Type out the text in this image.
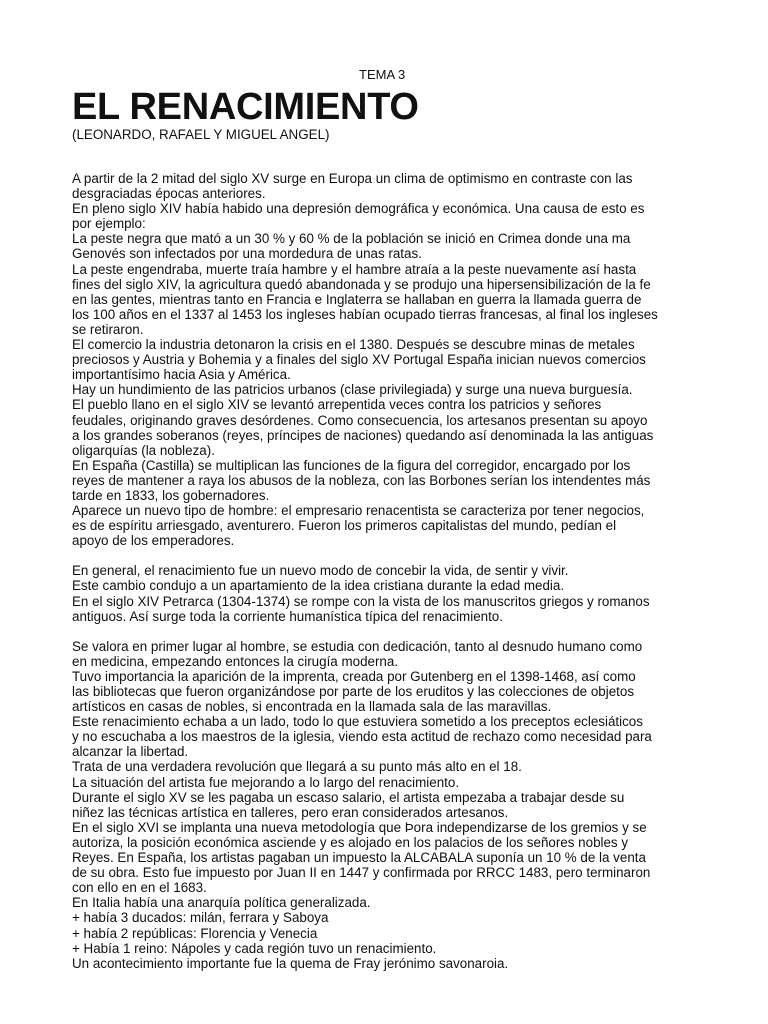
TEMA 3
EL RENACIMIENTO
(LEONARDO, RAFAEL Y MIGUEL ANGEL)
A partir de la 2 mitad del siglo XV surge en Europa un clima de optimismo en contraste con las
desgraciadas épocas anteriores.
En pleno siglo XIV había habido una depresión demográfica y económica. Una causa de esto es
por ejemplo:
La peste negra que mató a un 30 % y 60 % de la población se inició en Crimea donde una ma
Genovés son infectados por una mordedura de unas ratas.
La peste engendraba, muerte traía hambre y el hambre atraía a la peste nuevamente así hasta
fines del siglo XIV, la agricultura quedó abandonada y se produjo una hipersensibilización de la fe
en las gentes, mientras tanto en Francia e Inglaterra se hallaban en guerra la llamada guerra de
los 100 años en el 1337 al 1453 los ingleses habían ocupado tierras francesas, al final los ingleses
se retiraron.
El comercio la industria detonaron la crisis en el 1380. Después se descubre minas de metales
preciosos y Austria y Bohemia y a finales del siglo XV Portugal España inician nuevos comercios
importantísimo hacia Asia y América.
Hay un hundimiento de las patricios urbanos (clase privilegiada) y surge una nueva burguesía.
El pueblo llano en el siglo XIV se levantó arrepentida veces contra los patricios y señores
feudales, originando graves desórdenes. Como consecuencia, los artesanos presentan su apoyo
a los grandes soberanos (reyes, príncipes de naciones) quedando así denominada la las antiguas
oligarquías (la nobleza).
En España (Castilla) se multiplican las funciones de la figura del corregidor, encargado por los
reyes de mantener a raya los abusos de la nobleza, con las Borbones serían los intendentes más
tarde en 1833, los gobernadores.
Aparece un nuevo tipo de hombre: el empresario renacentista se caracteriza por tener negocios,
es de espíritu arriesgado, aventurero. Fueron los primeros capitalistas del mundo, pedían el
apoyo de los emperadores.
En general, el renacimiento fue un nuevo modo de concebir la vida, de sentir y vivir.
Este cambio condujo a un apartamiento de la idea cristiana durante la edad media.
En el siglo XIV Petrarca (1304-1374) se rompe con la vista de los manuscritos griegos y romanos
antiguos. Así surge toda la corriente humanística típica del renacimiento.
Se valora en primer lugar al hombre, se estudia con dedicación, tanto al desnudo humano como
en medicina, empezando entonces la cirugía moderna.
Tuvo importancia la aparición de la imprenta, creada por Gutenberg en el 1398-1468, así como
las bibliotecas que fueron organizándose por parte de los eruditos y las colecciones de objetos
artísticos en casas de nobles, si encontrada en la llamada sala de las maravillas.
Este renacimiento echaba a un lado, todo lo que estuviera sometido a los preceptos eclesiáticos
y no escuchaba a los maestros de la iglesia, viendo esta actitud de rechazo como necesidad para
alcanzar la libertad.
Trata de una verdadera revolución que llegará a su punto más alto en el 18.
La situación del artista fue mejorando a lo largo del renacimiento.
Durante el siglo XV se les pagaba un escaso salario, el artista empezaba a trabajar desde su
niñez las técnicas artística en talleres, pero eran considerados artesanos.
En el siglo XVI se implanta una nueva metodología que Þora independizarse de los gremios y se
autoriza, la posición económica asciende y es alojado en los palacios de los señores nobles y
Reyes. En España, los artistas pagaban un impuesto la ALCABALA suponía un 10 % de la venta
de su obra. Esto fue impuesto por Juan II en 1447 y confirmada por RRCC 1483, pero terminaron
con ello en en el 1683.
En Italia había una anarquía política generalizada.
+ había 3 ducados: milán, ferrara y Saboya
+ había 2 repúblicas: Florencia y Venecia
+ Había 1 reino: Nápoles y cada región tuvo un renacimiento.
Un acontecimiento importante fue la quema de Fray jerónimo savonaroia.
